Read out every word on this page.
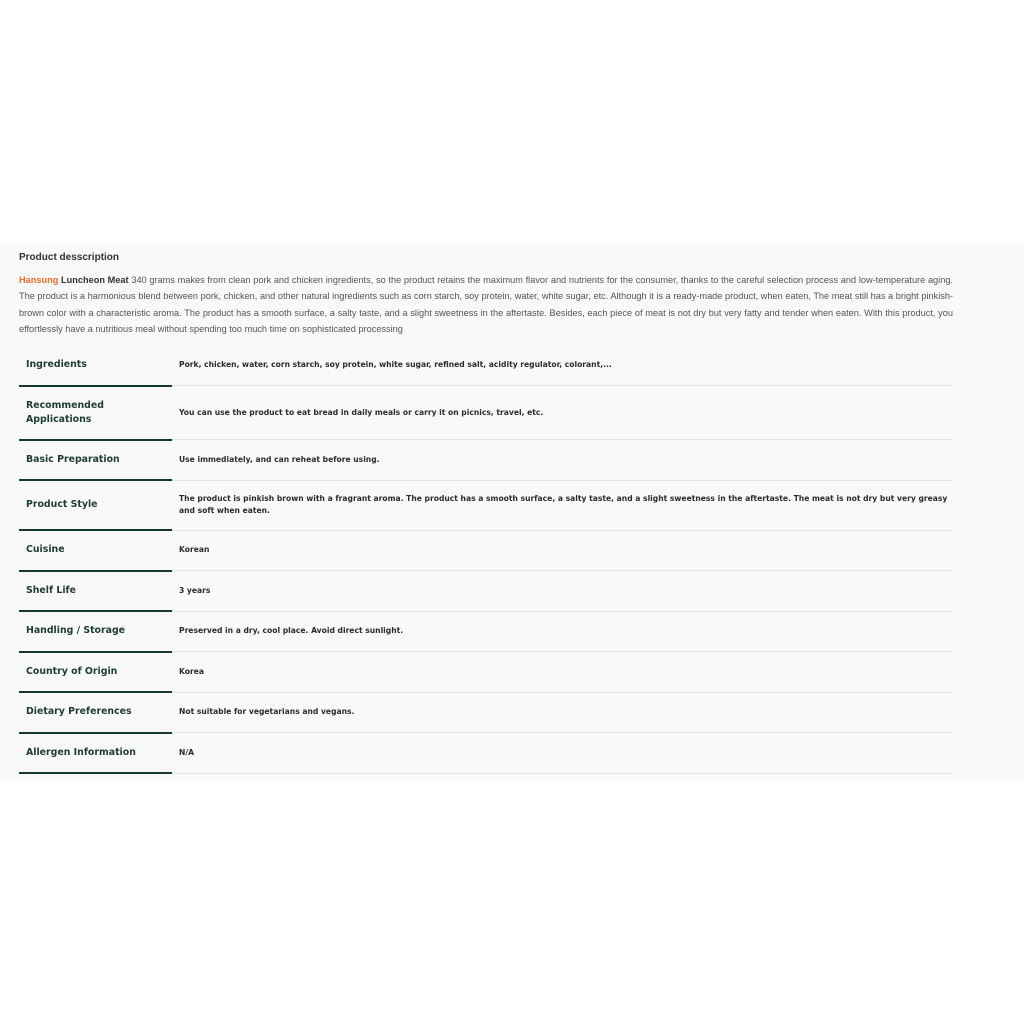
Product desscription
Hansung Luncheon Meat 340 grams makes from clean pork and chicken ingredients, so the product retains the maximum flavor and nutrients for the consumer, thanks to the careful selection process and low-temperature aging. The product is a harmonious blend between pork, chicken, and other natural ingredients such as corn starch, soy protein, water, white sugar, etc. Although it is a ready-made product, when eaten, The meat still has a bright pinkish-brown color with a characteristic aroma. The product has a smooth surface, a salty taste, and a slight sweetness in the aftertaste. Besides, each piece of meat is not dry but very fatty and tender when eaten. With this product, you effortlessly have a nutritious meal without spending too much time on sophisticated processing
Ingredients	Pork, chicken, water, corn starch, soy protein, white sugar, refined salt, acidity regulator, colorant,...
Recommended Applications	You can use the product to eat bread in daily meals or carry it on picnics, travel, etc.
Basic Preparation	Use immediately, and can reheat before using.
Product Style	The product is pinkish brown with a fragrant aroma. The product has a smooth surface, a salty taste, and a slight sweetness in the aftertaste. The meat is not dry but very greasy and soft when eaten.
Cuisine	Korean
Shelf Life	3 years
Handling / Storage	Preserved in a dry, cool place. Avoid direct sunlight.
Country of Origin	Korea
Dietary Preferences	Not suitable for vegetarians and vegans.
Allergen Information	N/A
